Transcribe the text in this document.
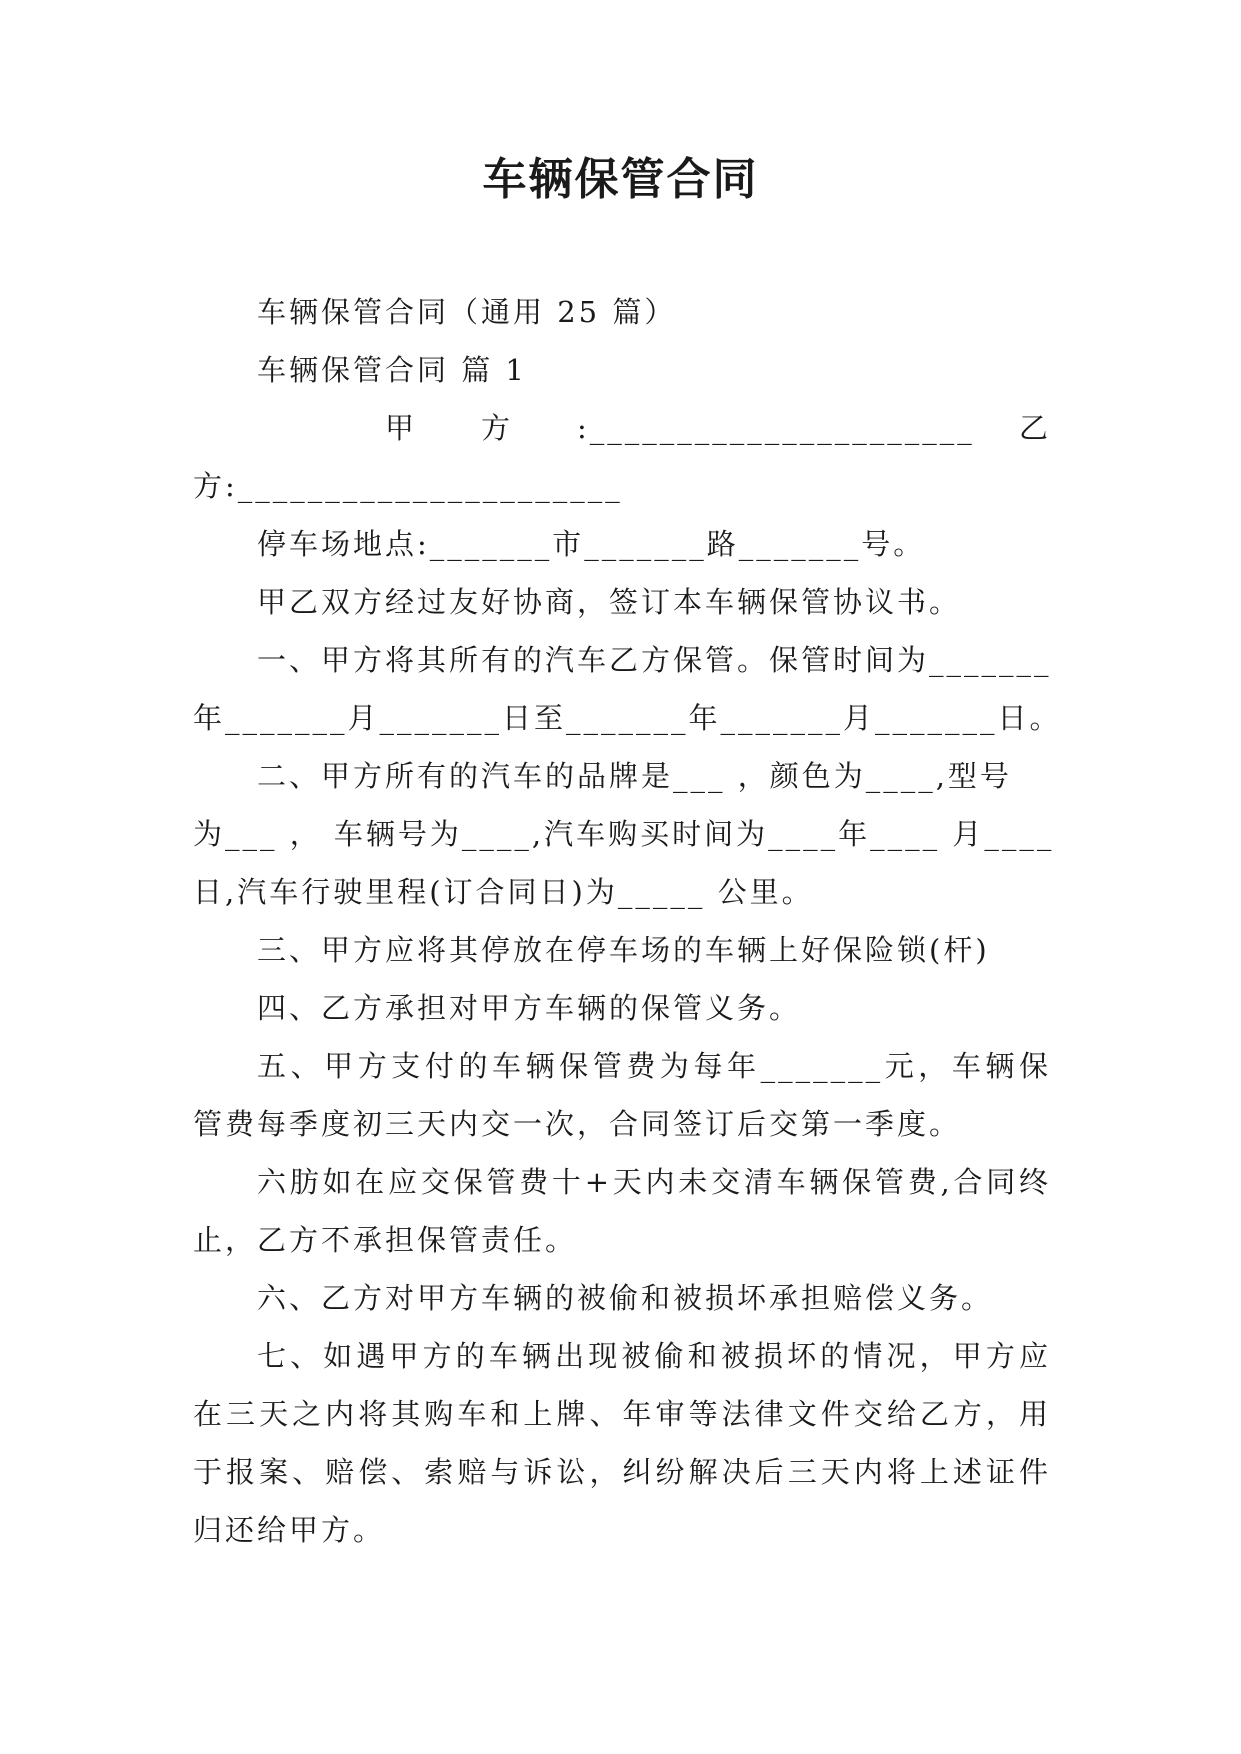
车辆保管合同

车辆保管合同（通用 25 篇）

车辆保管合同 篇 1

甲　　方　　:______________________ 乙

方:______________________

停车场地点:_______市_______路_______号。

甲乙双方经过友好协商，签订本车辆保管协议书。

一、甲方将其所有的汽车乙方保管。保管时间为_______

年_______月_______日至_______年_______月_______日。

二、甲方所有的汽车的品牌是___ ，颜色为____,型号

为___ ， 车辆号为____,汽车购买时间为____年____ 月____

日,汽车行驶里程(订合同日)为_____ 公里。

三、甲方应将其停放在停车场的车辆上好保险锁(杆)

四、乙方承担对甲方车辆的保管义务。

五、甲方支付的车辆保管费为每年_______元，车辆保管费每季度初三天内交一次，合同签订后交第一季度。

六肪如在应交保管费十+天内未交清车辆保管费,合同终止，乙方不承担保管责任。

六、乙方对甲方车辆的被偷和被损坏承担赔偿义务。

七、如遇甲方的车辆出现被偷和被损坏的情况，甲方应在三天之内将其购车和上牌、年审等法律文件交给乙方，用于报案、赔偿、索赔与诉讼，纠纷解决后三天内将上述证件归还给甲方。
